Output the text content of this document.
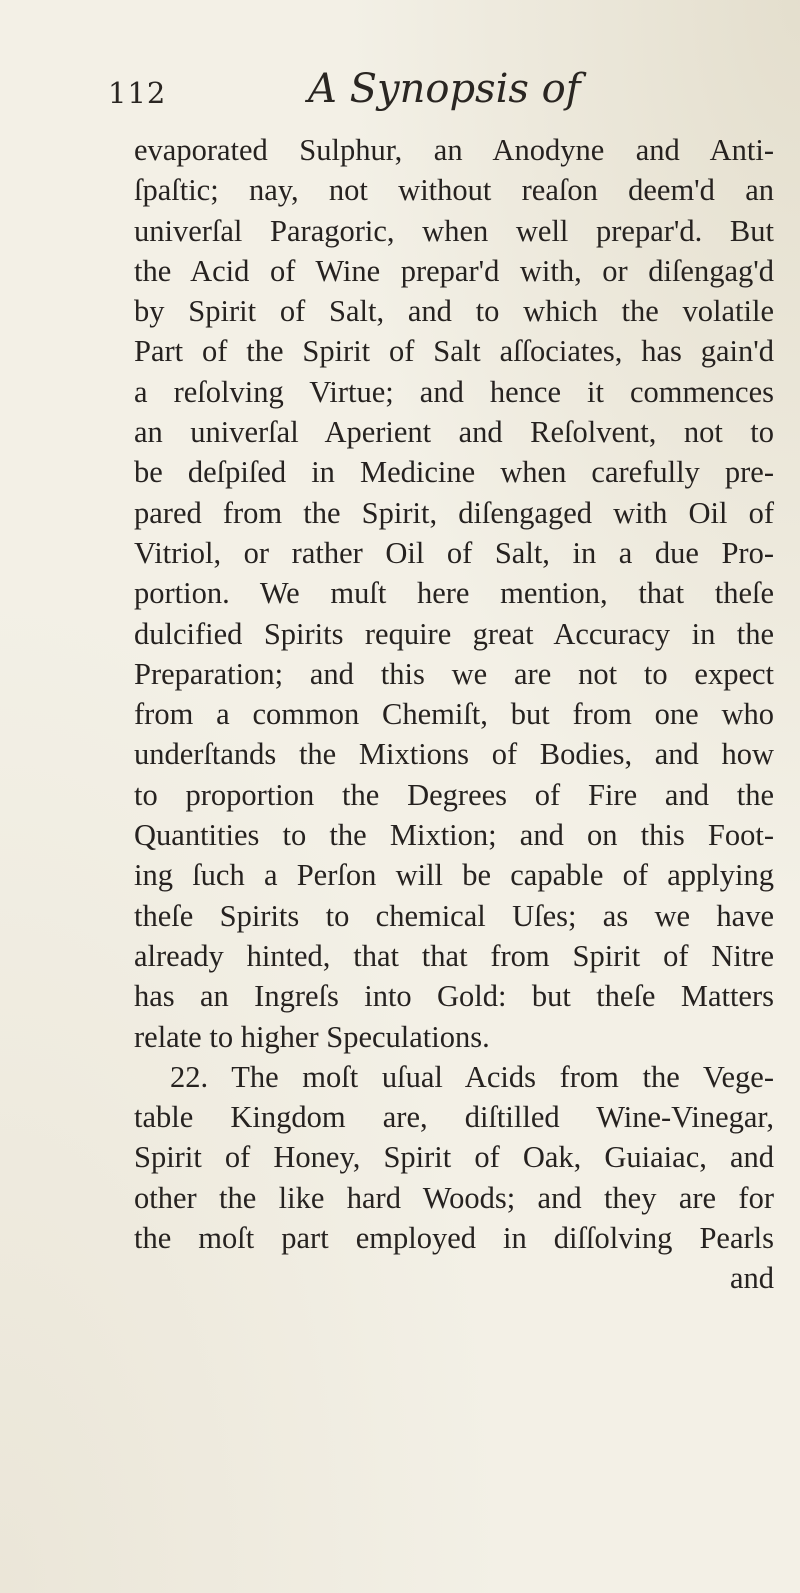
112	A Synopsis of
evaporated Sulphur, an Anodyne and Anti-
ſpaſtic; nay, not without reaſon deem'd an
univerſal Paragoric, when well prepar'd. But
the Acid of Wine prepar'd with, or diſengag'd
by Spirit of Salt, and to which the volatile
Part of the Spirit of Salt aſſociates, has gain'd
a reſolving Virtue; and hence it commences
an univerſal Aperient and Reſolvent, not to
be deſpiſed in Medicine when carefully pre-
pared from the Spirit, diſengaged with Oil of
Vitriol, or rather Oil of Salt, in a due Pro-
portion. We muſt here mention, that theſe
dulcified Spirits require great Accuracy in the
Preparation; and this we are not to expect
from a common Chemiſt, but from one who
underſtands the Mixtions of Bodies, and how
to proportion the Degrees of Fire and the
Quantities to the Mixtion; and on this Foot-
ing ſuch a Perſon will be capable of applying
theſe Spirits to chemical Uſes; as we have
already hinted, that that from Spirit of Nitre
has an Ingreſs into Gold: but theſe Matters
relate to higher Speculations.
22. The moſt uſual Acids from the Vege-
table Kingdom are, diſtilled Wine-Vinegar,
Spirit of Honey, Spirit of Oak, Guiaiac, and
other the like hard Woods; and they are for
the moſt part employed in diſſolving Pearls
and
